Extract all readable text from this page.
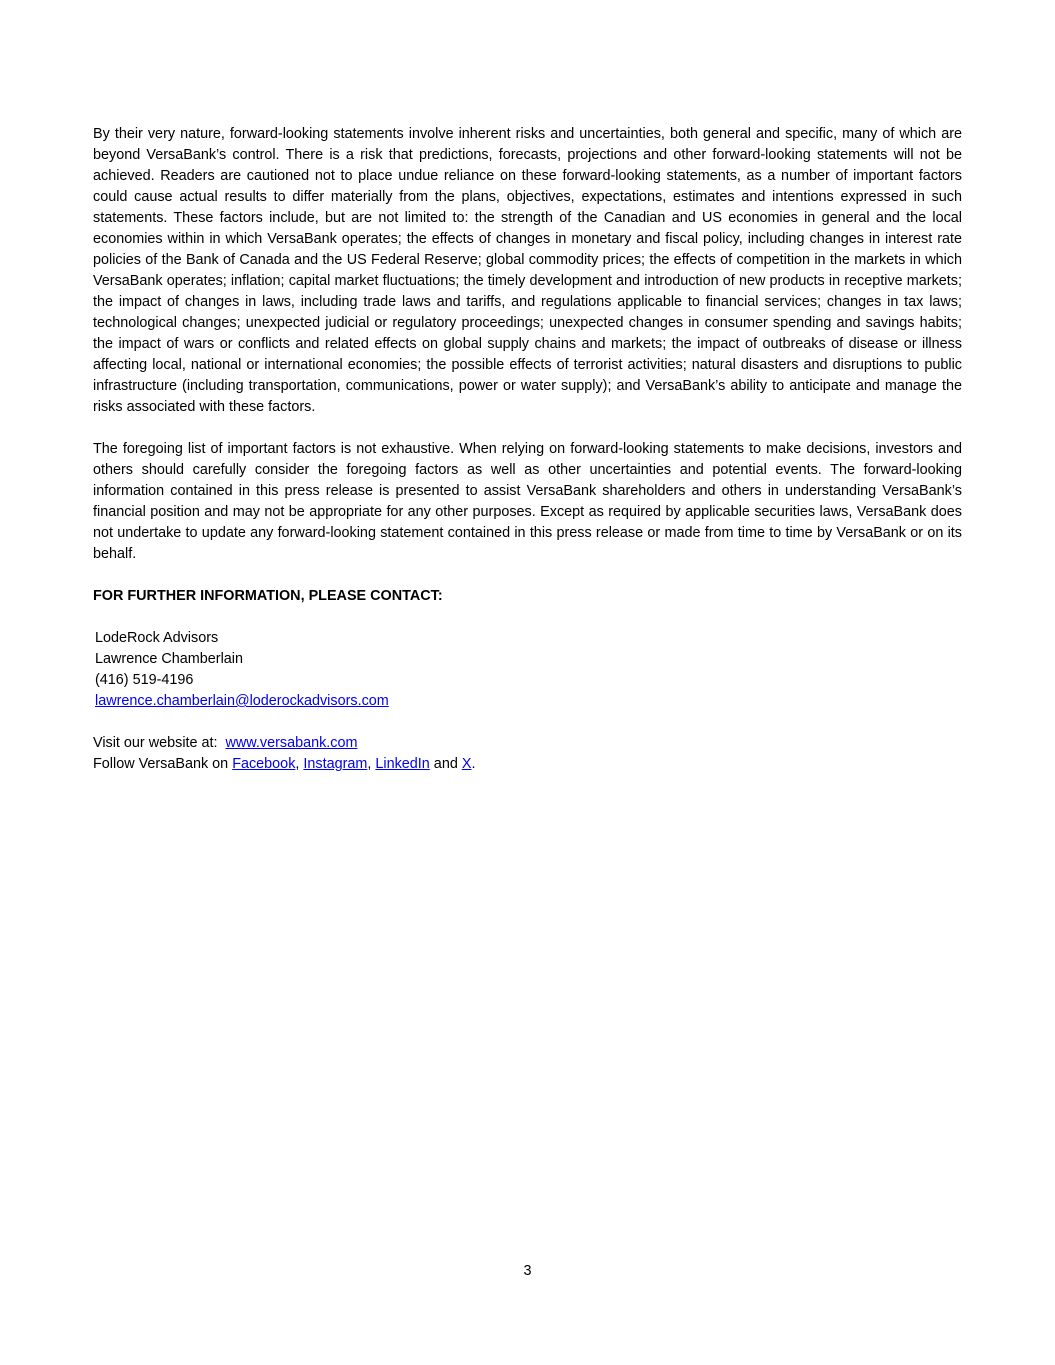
By their very nature, forward-looking statements involve inherent risks and uncertainties, both general and specific, many of which are beyond VersaBank’s control. There is a risk that predictions, forecasts, projections and other forward-looking statements will not be achieved. Readers are cautioned not to place undue reliance on these forward-looking statements, as a number of important factors could cause actual results to differ materially from the plans, objectives, expectations, estimates and intentions expressed in such statements. These factors include, but are not limited to: the strength of the Canadian and US economies in general and the local economies within in which VersaBank operates; the effects of changes in monetary and fiscal policy, including changes in interest rate policies of the Bank of Canada and the US Federal Reserve; global commodity prices; the effects of competition in the markets in which VersaBank operates; inflation; capital market fluctuations; the timely development and introduction of new products in receptive markets; the impact of changes in laws, including trade laws and tariffs, and regulations applicable to financial services; changes in tax laws; technological changes; unexpected judicial or regulatory proceedings; unexpected changes in consumer spending and savings habits; the impact of wars or conflicts and related effects on global supply chains and markets; the impact of outbreaks of disease or illness affecting local, national or international economies; the possible effects of terrorist activities; natural disasters and disruptions to public infrastructure (including transportation, communications, power or water supply); and VersaBank’s ability to anticipate and manage the risks associated with these factors.

The foregoing list of important factors is not exhaustive. When relying on forward-looking statements to make decisions, investors and others should carefully consider the foregoing factors as well as other uncertainties and potential events. The forward-looking information contained in this press release is presented to assist VersaBank shareholders and others in understanding VersaBank’s financial position and may not be appropriate for any other purposes. Except as required by applicable securities laws, VersaBank does not undertake to update any forward-looking statement contained in this press release or made from time to time by VersaBank or on its behalf.

FOR FURTHER INFORMATION, PLEASE CONTACT:

LodeRock Advisors
Lawrence Chamberlain
(416) 519-4196
lawrence.chamberlain@loderockadvisors.com
Visit our website at:  www.versabank.com
Follow VersaBank on Facebook, Instagram, LinkedIn and X.
3
